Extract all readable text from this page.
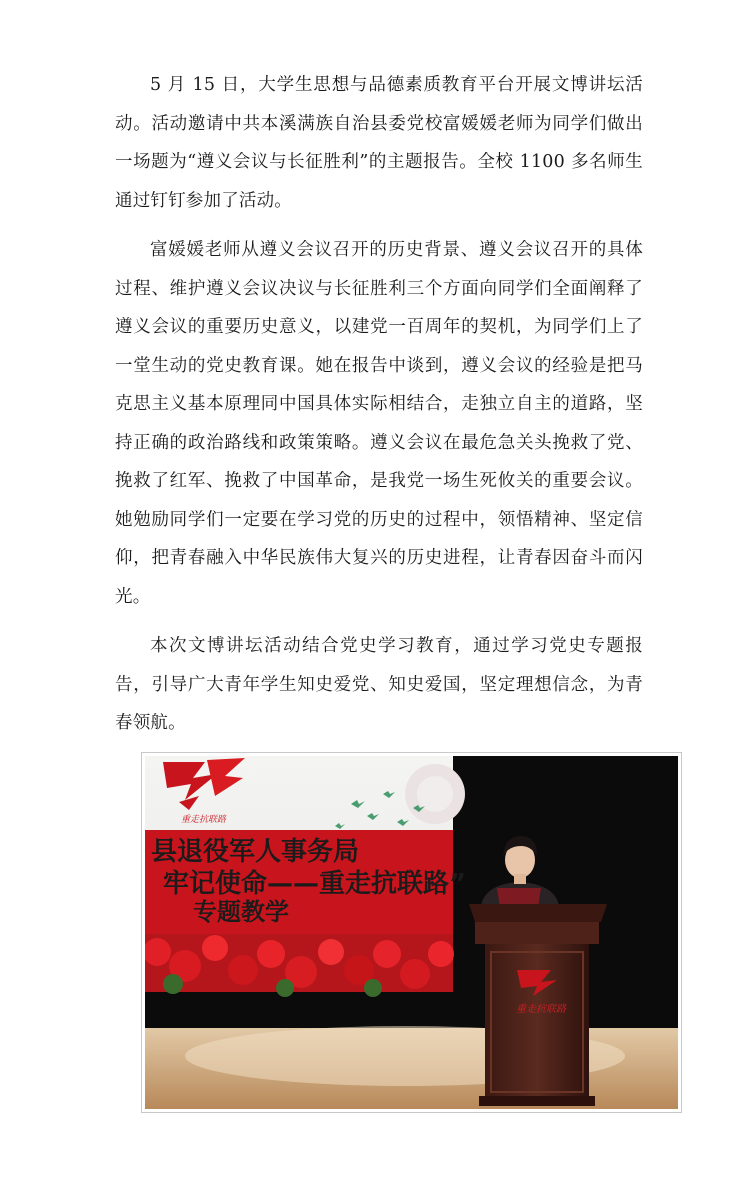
5 月 15 日，大学生思想与品德素质教育平台开展文博讲坛活动。活动邀请中共本溪满族自治县委党校富媛媛老师为同学们做出一场题为“遵义会议与长征胜利”的主题报告。全校 1100 多名师生通过钉钉参加了活动。

富媛媛老师从遵义会议召开的历史背景、遵义会议召开的具体过程、维护遵义会议决议与长征胜利三个方面向同学们全面阐释了遵义会议的重要历史意义，以建党一百周年的契机，为同学们上了一堂生动的党史教育课。她在报告中谈到，遵义会议的经验是把马克思主义基本原理同中国具体实际相结合，走独立自主的道路，坚持正确的政治路线和政策策略。遵义会议在最危急关头挽救了党、挽救了红军、挽救了中国革命，是我党一场生死攸关的重要会议。她勉励同学们一定要在学习党的历史的过程中，领悟精神、坚定信仰，把青春融入中华民族伟大复兴的历史进程，让青春因奋斗而闪光。

本次文博讲坛活动结合党史学习教育，通过学习党史专题报告，引导广大青年学生知史爱党、知史爱国，坚定理想信念，为青春领航。

重走抗联路
县退役军人事务局
牢记使命——重走抗联路”
专题教学
重走抗联路
